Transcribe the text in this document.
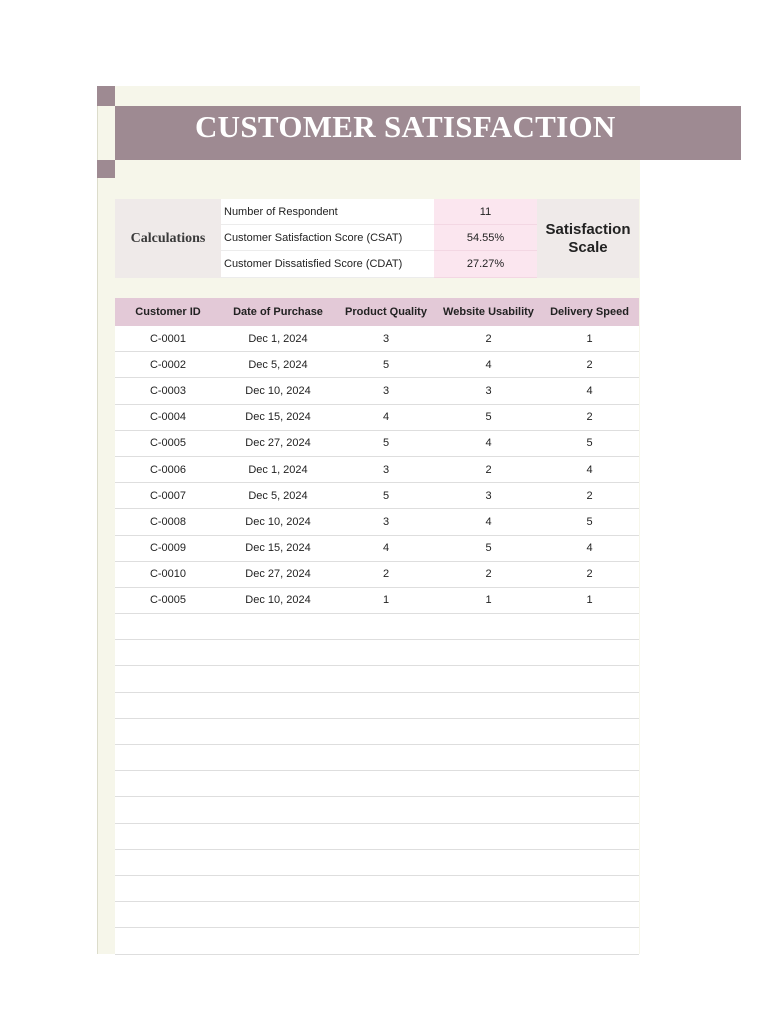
CUSTOMER SATISFACTION
Calculations
Number of Respondent	11
Customer Satisfaction Score (CSAT)	54.55%
Customer Dissatisfied Score (CDAT)	27.27%
Satisfaction Scale
Customer ID	Date of Purchase	Product Quality	Website Usability	Delivery Speed
C-0001	Dec 1, 2024	3	2	1
C-0002	Dec 5, 2024	5	4	2
C-0003	Dec 10, 2024	3	3	4
C-0004	Dec 15, 2024	4	5	2
C-0005	Dec 27, 2024	5	4	5
C-0006	Dec 1, 2024	3	2	4
C-0007	Dec 5, 2024	5	3	2
C-0008	Dec 10, 2024	3	4	5
C-0009	Dec 15, 2024	4	5	4
C-0010	Dec 27, 2024	2	2	2
C-0005	Dec 10, 2024	1	1	1
